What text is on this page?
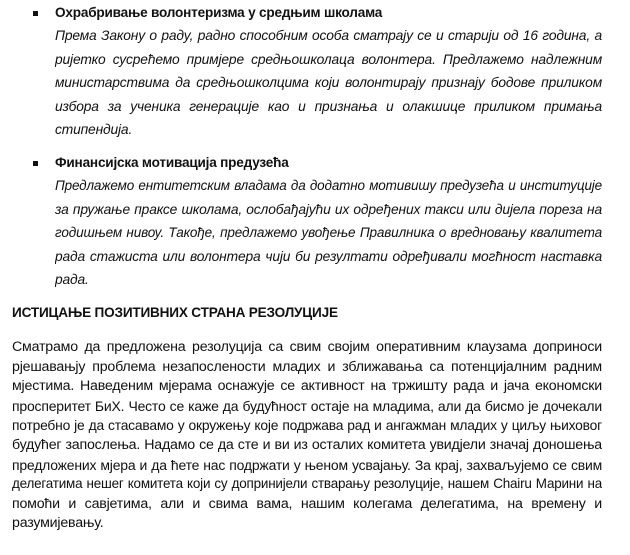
Охрабривање волонтеризма у средњим школама
Према Закону о раду, радно способним особа сматрају се и старији од 16 година, а
ријетко сусрећемо примјере средњошколаца волонтера. Предлажемо надлежним
министарствима да средњошколцима који волонтирају признају бодове приликом
избора за ученика генерације као и признања и олакшице приликом примања
стипендија.
Финансијска мотивација предузећа
Предлажемо ентитетским владама да додатно мотивишу предузећа и институције
за пружање праксе школама, ослобађајући их одређених такси или дијела пореза на
годишњем нивоу. Такође, предлажемо увођење Правилника о вредновању квалитета
рада стажиста или волонтера чији би резултати одређивали могћност наставка
рада.
ИСТИЦАЊЕ ПОЗИТИВНИХ СТРАНА РЕЗОЛУЦИЈЕ
Сматрамо да предложена резолуција са свим својим оперативним клаузама доприноси
рјешавањју проблема незапослености младих и зближавања са потенцијалним радним
мјестима. Наведеним мјерама оснажује се активност на тржишту рада и јача економски
просперитет БиХ. Често се каже да будућност остаје на младима, али да бисмо је дочекали
потребно је да стасавамо у окружењу које подржава рад и ангажман младих у циљу њиховог
будућег запослења. Надамо се да сте и ви из осталих комитета увидјели значај доношења
предложених мјера и да ћете нас подржати у њеном усвајању. За крај, захваљујемо се свим
делегатима нешег комитета који су допринијели стварању резолуције, нашем Chairu Марини на
помоћи и савјетима, али и свима вама, нашим колегама делегатима, на времену и
разумијевању.
